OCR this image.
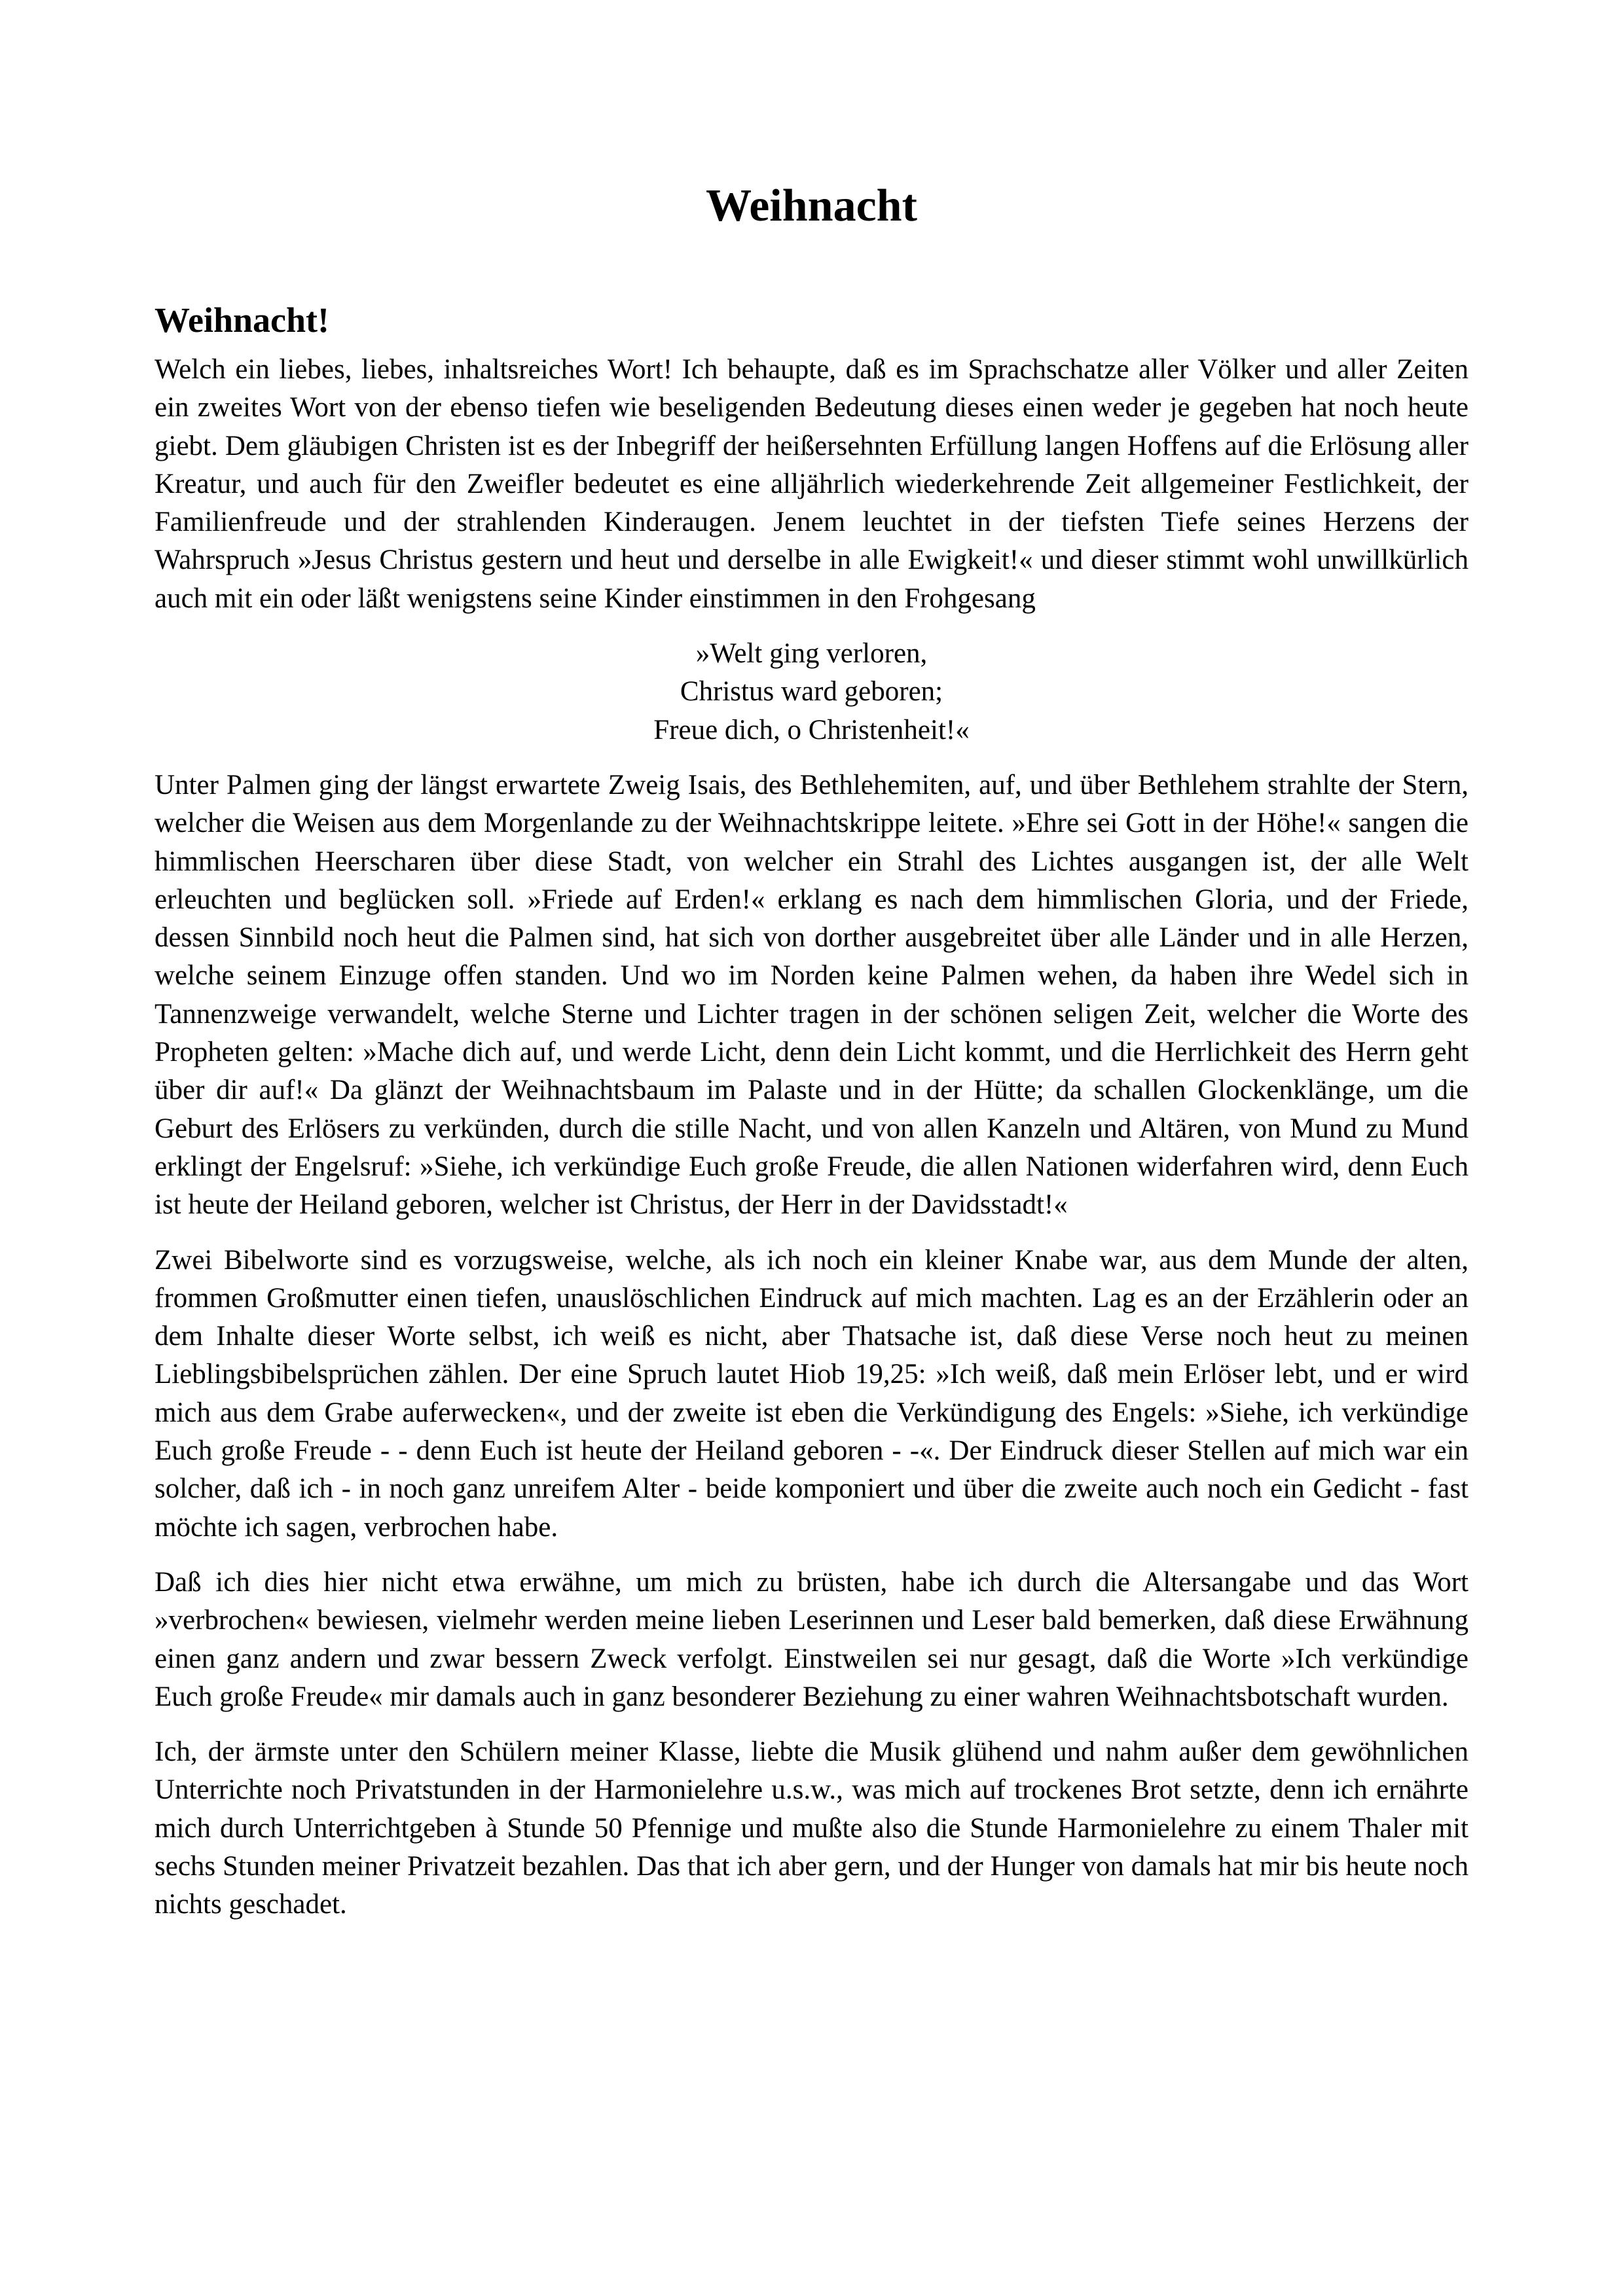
Weihnacht
Weihnacht!

Welch ein liebes, liebes, inhaltsreiches Wort! Ich behaupte, daß es im Sprachschatze aller Völker und aller Zeiten ein zweites Wort von der ebenso tiefen wie beseligenden Bedeutung dieses einen weder je gegeben hat noch heute giebt. Dem gläubigen Christen ist es der Inbegriff der heißersehnten Erfüllung langen Hoffens auf die Erlösung aller Kreatur, und auch für den Zweifler bedeutet es eine alljährlich wiederkehrende Zeit allgemeiner Festlichkeit, der Familienfreude und der strahlenden Kinderaugen. Jenem leuchtet in der tiefsten Tiefe seines Herzens der Wahrspruch »Jesus Christus gestern und heut und derselbe in alle Ewigkeit!« und dieser stimmt wohl unwillkürlich auch mit ein oder läßt wenigstens seine Kinder einstimmen in den Frohgesang

»Welt ging verloren,
Christus ward geboren;
Freue dich, o Christenheit!«

Unter Palmen ging der längst erwartete Zweig Isais, des Bethlehemiten, auf, und über Bethlehem strahlte der Stern, welcher die Weisen aus dem Morgenlande zu der Weihnachtskrippe leitete. »Ehre sei Gott in der Höhe!« sangen die himmlischen Heerscharen über diese Stadt, von welcher ein Strahl des Lichtes ausgangen ist, der alle Welt erleuchten und beglücken soll. »Friede auf Erden!« erklang es nach dem himmlischen Gloria, und der Friede, dessen Sinnbild noch heut die Palmen sind, hat sich von dorther ausgebreitet über alle Länder und in alle Herzen, welche seinem Einzuge offen standen. Und wo im Norden keine Palmen wehen, da haben ihre Wedel sich in Tannenzweige verwandelt, welche Sterne und Lichter tragen in der schönen seligen Zeit, welcher die Worte des Propheten gelten: »Mache dich auf, und werde Licht, denn dein Licht kommt, und die Herrlichkeit des Herrn geht über dir auf!« Da glänzt der Weihnachtsbaum im Palaste und in der Hütte; da schallen Glockenklänge, um die Geburt des Erlösers zu verkünden, durch die stille Nacht, und von allen Kanzeln und Altären, von Mund zu Mund erklingt der Engelsruf: »Siehe, ich verkündige Euch große Freude, die allen Nationen widerfahren wird, denn Euch ist heute der Heiland geboren, welcher ist Christus, der Herr in der Davidsstadt!«

Zwei Bibelworte sind es vorzugsweise, welche, als ich noch ein kleiner Knabe war, aus dem Munde der alten, frommen Großmutter einen tiefen, unauslöschlichen Eindruck auf mich machten. Lag es an der Erzählerin oder an dem Inhalte dieser Worte selbst, ich weiß es nicht, aber Thatsache ist, daß diese Verse noch heut zu meinen Lieblingsbibelsprüchen zählen. Der eine Spruch lautet Hiob 19,25: »Ich weiß, daß mein Erlöser lebt, und er wird mich aus dem Grabe auferwecken«, und der zweite ist eben die Verkündigung des Engels: »Siehe, ich verkündige Euch große Freude - - denn Euch ist heute der Heiland geboren - -«. Der Eindruck dieser Stellen auf mich war ein solcher, daß ich - in noch ganz unreifem Alter - beide komponiert und über die zweite auch noch ein Gedicht - fast möchte ich sagen, verbrochen habe.

Daß ich dies hier nicht etwa erwähne, um mich zu brüsten, habe ich durch die Altersangabe und das Wort »verbrochen« bewiesen, vielmehr werden meine lieben Leserinnen und Leser bald bemerken, daß diese Erwähnung einen ganz andern und zwar bessern Zweck verfolgt. Einstweilen sei nur gesagt, daß die Worte »Ich verkündige Euch große Freude« mir damals auch in ganz besonderer Beziehung zu einer wahren Weihnachtsbotschaft wurden.

Ich, der ärmste unter den Schülern meiner Klasse, liebte die Musik glühend und nahm außer dem gewöhnlichen Unterrichte noch Privatstunden in der Harmonielehre u.s.w., was mich auf trockenes Brot setzte, denn ich ernährte mich durch Unterrichtgeben à Stunde 50 Pfennige und mußte also die Stunde Harmonielehre zu einem Thaler mit sechs Stunden meiner Privatzeit bezahlen. Das that ich aber gern, und der Hunger von damals hat mir bis heute noch nichts geschadet.
